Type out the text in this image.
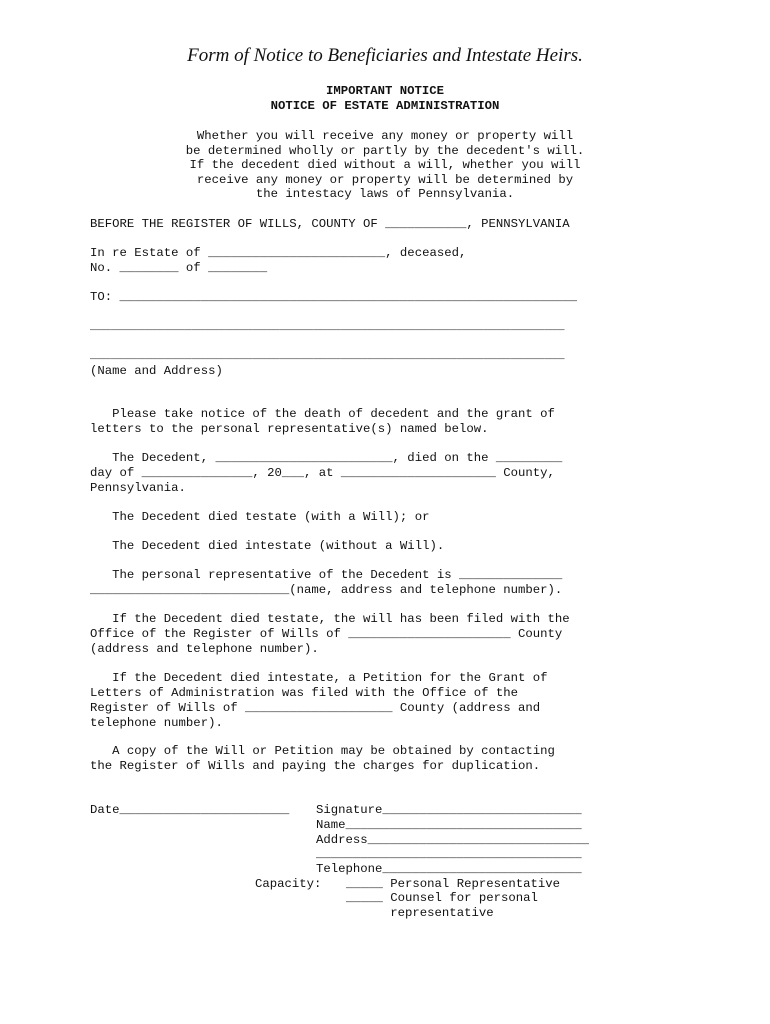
Form of Notice to Beneficiaries and Intestate Heirs.
IMPORTANT NOTICE
NOTICE OF ESTATE ADMINISTRATION
Whether you will receive any money or property will
be determined wholly or partly by the decedent's will.
If the decedent died without a will, whether you will
receive any money or property will be determined by
the intestacy laws of Pennsylvania.
BEFORE THE REGISTER OF WILLS, COUNTY OF ___________, PENNSYLVANIA
In re Estate of ________________________, deceased,
No. ________ of ________
TO: ______________________________________________________________
______________________________________________________________________
______________________________________________________________________
(Name and Address)
Please take notice of the death of decedent and the grant of
letters to the personal representative(s) named below.
The Decedent, ________________________, died on the _________
day of _______________, 20___, at _____________________ County,
Pennsylvania.
The Decedent died testate (with a Will); or
The Decedent died intestate (without a Will).
The personal representative of the Decedent is ______________
___________________________(name, address and telephone number).
If the Decedent died testate, the will has been filed with the
Office of the Register of Wills of ______________________ County
(address and telephone number).
If the Decedent died intestate, a Petition for the Grant of
Letters of Administration was filed with the Office of the
Register of Wills of ____________________ County (address and
telephone number).
A copy of the Will or Petition may be obtained by contacting
the Register of Wills and paying the charges for duplication.
Date_______________________ Signature___________________________
Name________________________________
Address______________________________
____________________________________
Telephone___________________________
Capacity: _____ Personal Representative
_____ Counsel for personal
representative
